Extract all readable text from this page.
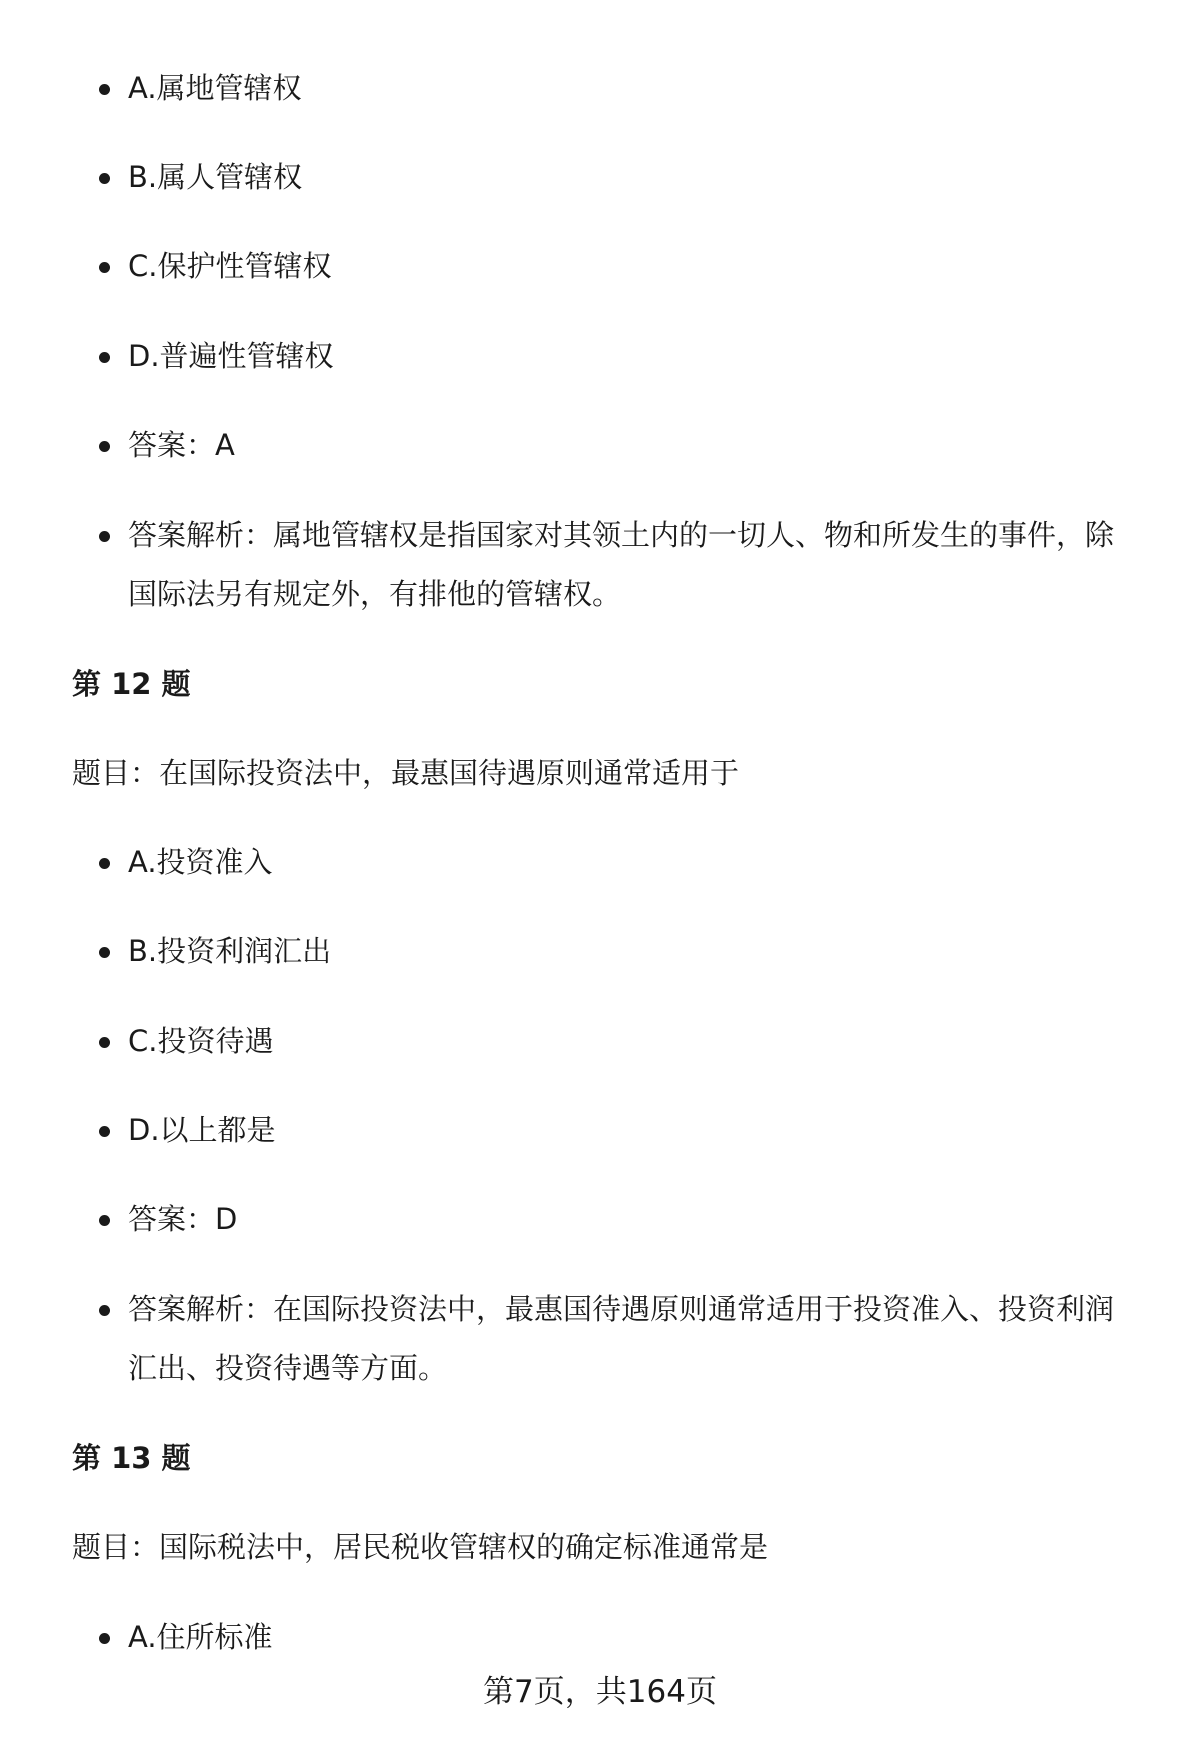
A.属地管辖权
B.属人管辖权
C.保护性管辖权
D.普遍性管辖权
答案：A
答案解析：属地管辖权是指国家对其领土内的一切人、物和所发生的事件，除国际法另有规定外，有排他的管辖权。
第 12 题
题目：在国际投资法中，最惠国待遇原则通常适用于
A.投资准入
B.投资利润汇出
C.投资待遇
D.以上都是
答案：D
答案解析：在国际投资法中，最惠国待遇原则通常适用于投资准入、投资利润汇出、投资待遇等方面。
第 13 题
题目：国际税法中，居民税收管辖权的确定标准通常是
A.住所标准
第7页，共164页
